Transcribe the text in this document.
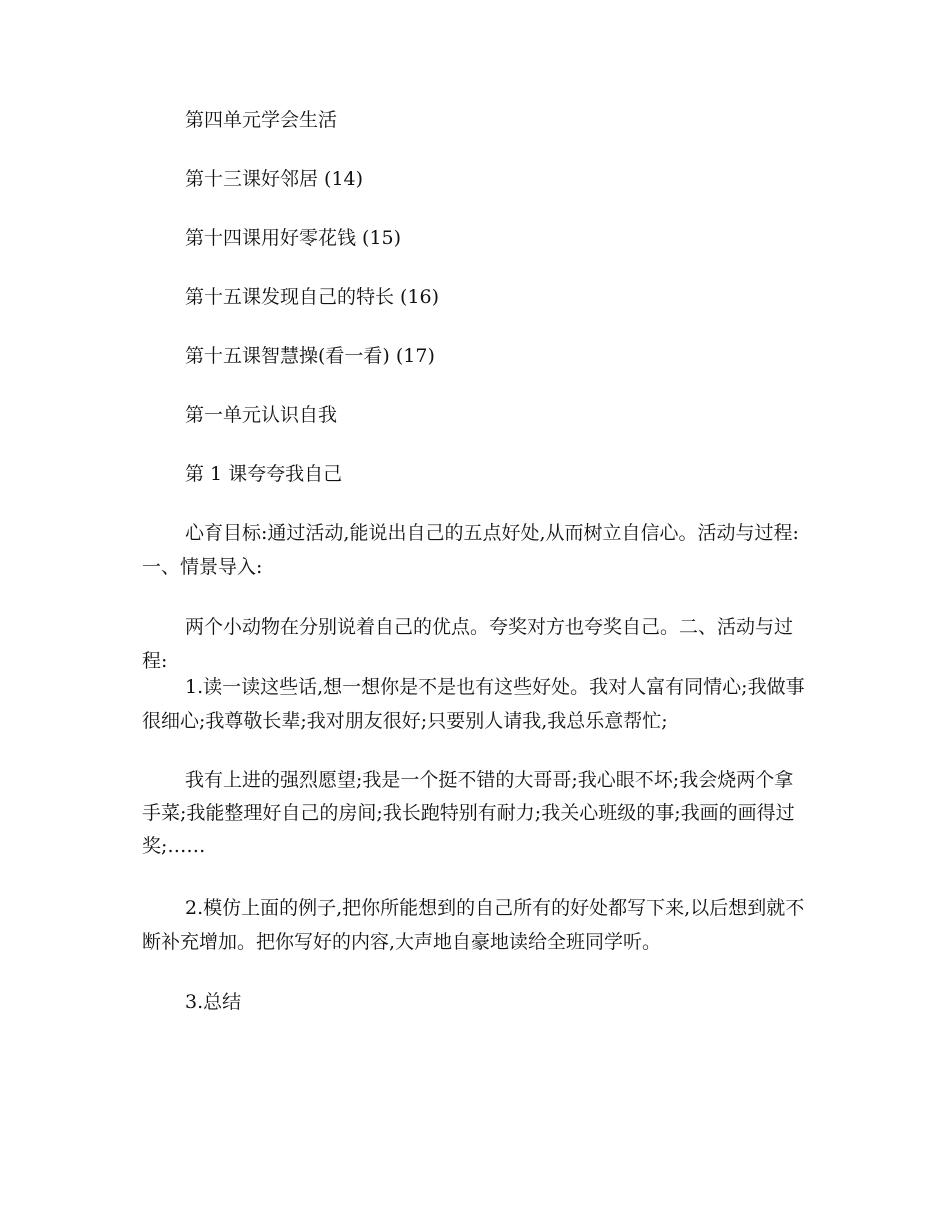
第四单元学会生活
第十三课好邻居 (14)
第十四课用好零花钱 (15)
第十五课发现自己的特长 (16)
第十五课智慧操(看一看) (17)
第一单元认识自我
第 1 课夸夸我自己
心育目标:通过活动,能说出自己的五点好处,从而树立自信心。活动与过程:一、情景导入:
两个小动物在分别说着自己的优点。夸奖对方也夸奖自己。二、活动与过程:
1.读一读这些话,想一想你是不是也有这些好处。我对人富有同情心;我做事很细心;我尊敬长辈;我对朋友很好;只要别人请我,我总乐意帮忙;
我有上进的强烈愿望;我是一个挺不错的大哥哥;我心眼不坏;我会烧两个拿手菜;我能整理好自己的房间;我长跑特别有耐力;我关心班级的事;我画的画得过奖;……
2.模仿上面的例子,把你所能想到的自己所有的好处都写下来,以后想到就不断补充增加。把你写好的内容,大声地自豪地读给全班同学听。
3.总结
